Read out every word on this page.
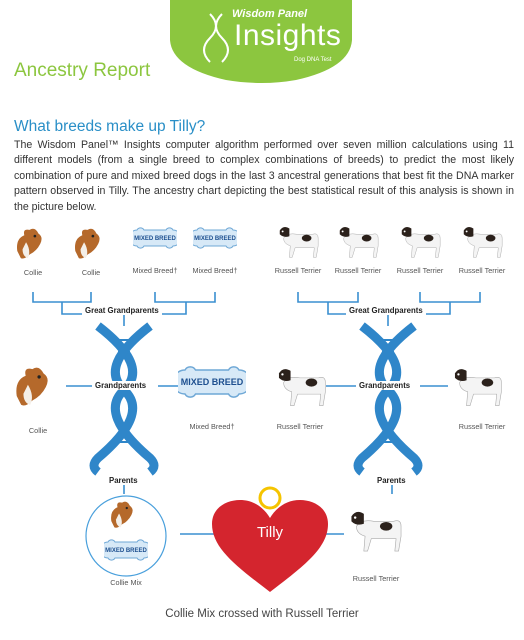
Wisdom Panel
Insights
Dog DNA Test
Ancestry Report
What breeds make up Tilly?
The Wisdom Panel™ Insights computer algorithm performed over seven million calculations using 11 different models (from a single breed to complex combinations of breeds) to predict the most likely combination of pure and mixed breed dogs in the last 3 ancestral generations that best fit the DNA marker pattern observed in Tilly. The ancestry chart depicting the best statistical result of this analysis is shown in the picture below.
Collie	Collie
MIXED BREED
Mixed Breed†
MIXED BREED
Mixed Breed†	Russell Terrier	Russell Terrier	Russell Terrier	Russell Terrier
Great Grandparents	Great Grandparents
Collie
Grandparents	MIXED BREED
Mixed Breed†	Russell Terrier
Grandparents
Russell Terrier
Parents	Parents
MIXED BREED
Collie Mix
Tilly
Russell Terrier
Collie Mix crossed with Russell Terrier
